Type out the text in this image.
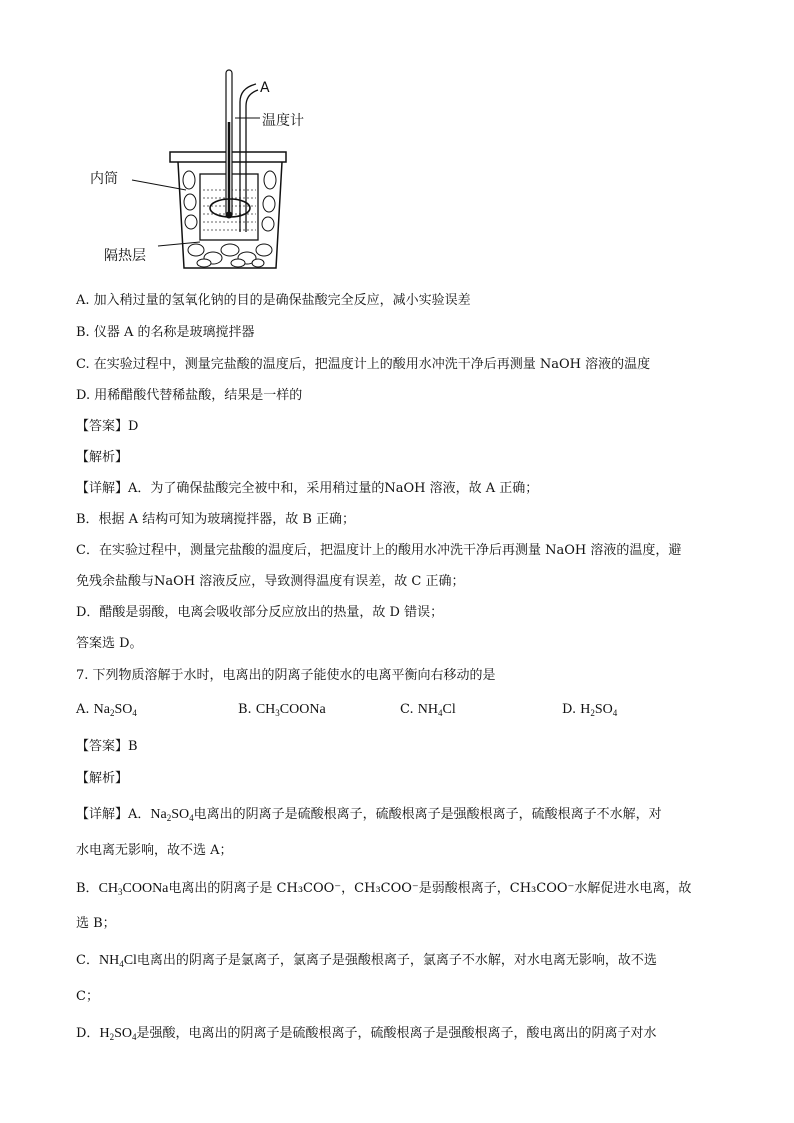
A
温度计
内筒
隔热层
A. 加入稍过量的氢氧化钠的目的是确保盐酸完全反应，减小实验误差
B. 仪器 A 的名称是玻璃搅拌器
C. 在实验过程中，测量完盐酸的温度后，把温度计上的酸用水冲洗干净后再测量 NaOH 溶液的温度
D. 用稀醋酸代替稀盐酸，结果是一样的
【答案】D
【解析】
【详解】A．为了确保盐酸完全被中和，采用稍过量的NaOH 溶液，故 A 正确；
B．根据 A 结构可知为玻璃搅拌器，故 B 正确；
C．在实验过程中，测量完盐酸的温度后，把温度计上的酸用水冲洗干净后再测量 NaOH 溶液的温度，避
免残余盐酸与NaOH 溶液反应，导致测得温度有误差，故 C 正确；
D．醋酸是弱酸，电离会吸收部分反应放出的热量，故 D 错误；
答案选 D。
7. 下列物质溶解于水时，电离出的阴离子能使水的电离平衡向右移动的是
A. $Na_2SO_4$	B. $CH_3COONa$	C. $NH_4Cl$	D. $H_2SO_4$
【答案】B
【解析】
【详解】A．$Na_2SO_4$电离出的阴离子是硫酸根离子，硫酸根离子是强酸根离子，硫酸根离子不水解，对
水电离无影响，故不选 A；
B．$CH_3COONa$电离出的阴离子是 CH₃COO⁻，CH₃COO⁻是弱酸根离子，CH₃COO⁻水解促进水电离，故
选 B；
C．$NH_4Cl$电离出的阴离子是氯离子，氯离子是强酸根离子，氯离子不水解，对水电离无影响，故不选
C；
D．$H_2SO_4$是强酸，电离出的阴离子是硫酸根离子，硫酸根离子是强酸根离子，酸电离出的阴离子对水
